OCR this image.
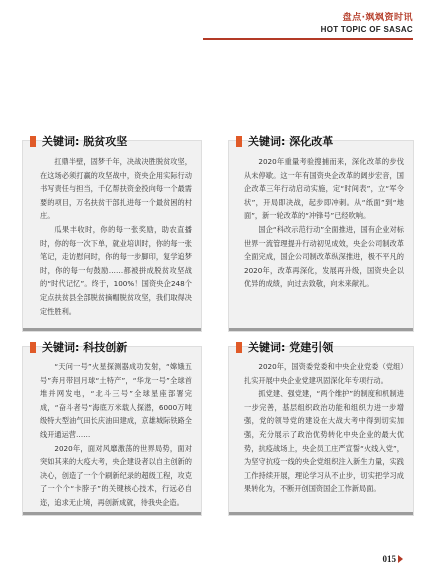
盘点·飒飒资时讯
HOT TOPIC OF SASAC
关键词: 脱贫攻坚

扛鼎半壁，固梦千年，决战决胜脱贫攻坚，在这场必须打赢的攻坚战中，资央企用实际行动书写责任与担当，千亿帮扶资金投向每一个最需要的项目，万名扶贫干部扎进每一个最贫困的村庄。

瓜果丰收时，你的每一张奖励，助农直播时，你的每一次下单，就业培训时，你的每一张笔记，走访慰问时，你的每一步脚印，复学追梦时，你的每一句鼓励……都被拼成脱贫攻坚战的“时代记忆”。终于，100%！国资央企248个定点扶贫县全部脱贫摘帽脱贫攻坚，我们取得决定性胜利。

关键词: 深化改革

2020年重量考验搜捕而来，深化改革的步伐从未停歇。这一年有国资央企改革的阔步宏音，国企改革三年行动启动实施，定“时间表”，立“军令状”，开局即决战，起步即冲刺。从“纸面”到“地面”，新一轮改革的“冲锋号”已经吹响。

国企“科改示范行动”全面推进，国有企业对标世界一流管理提升行动初见成效，央企公司制改革全面完成，国企公司制改革纵深推进，极不平凡的2020年，改革再深化，发展再升级，国资央企以优异的成绩，向过去致敬，向未来献礼。

关键词: 科技创新

“天问一号”火星探测器成功发射，“嫦娥五号”奔月带回月球“土特产”，“华龙一号”全球首堆并网发电，“北斗三号”全球星座部署完成，“奋斗者号”海底万米载人探潜，6000万吨级特大型油气田长庆油田建成，京雄城际铁路全线开通运营……

2020年，面对风靡激荡的世界局势，面对突如其来的大疫大考，央企建设者以自主创新的决心，创造了一个个刷新纪录的超级工程，攻克了一个个“卡脖子”的关键核心技术，行远必自迩，追求无止境，再创新成就，待我央企造。

关键词: 党建引领

2020年，国资委党委和中央企业党委（党组）扎实开展中央企业党建巩固深化年专项行动。

抓党建、强党建，“两个维护”的制度和机制进一步完善，基层组织政治功能和组织力进一步增强，党的领导党的建设在大战大考中得到切实加强，充分展示了政治优势转化中央企业的最大优势，抗疫战场上，央企员工庄严宣誓“火线入党”，为坚守抗疫一线的央企党组织注入新生力量，实践工作持续开展，理论学习从不止步，切实把学习成果转化为，不断开创国资国企工作新局面。

015
